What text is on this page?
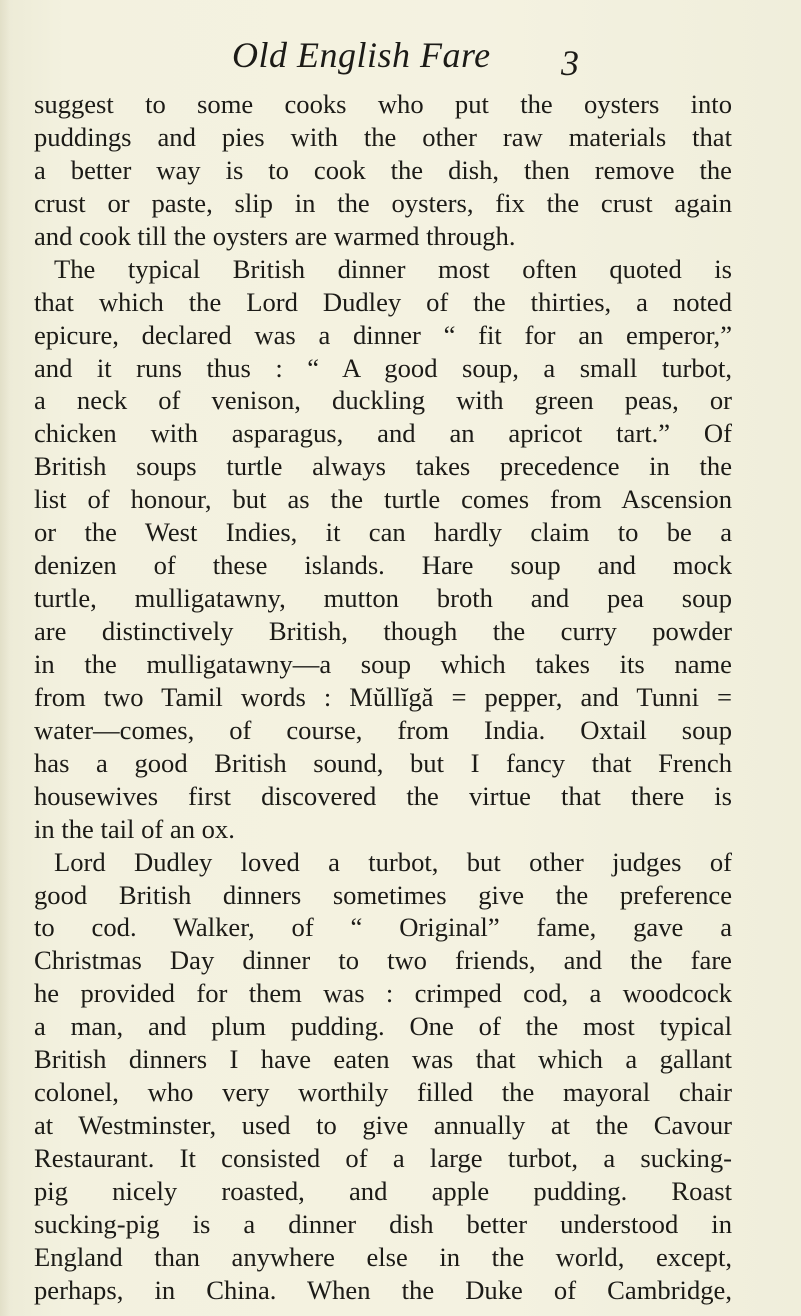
Old English Fare 3
suggest to some cooks who put the oysters into
puddings and pies with the other raw materials that
a better way is to cook the dish, then remove the
crust or paste, slip in the oysters, fix the crust again
and cook till the oysters are warmed through.
The typical British dinner most often quoted is
that which the Lord Dudley of the thirties, a noted
epicure, declared was a dinner “ fit for an emperor,”
and it runs thus : “ A good soup, a small turbot,
a neck of venison, duckling with green peas, or
chicken with asparagus, and an apricot tart.” Of
British soups turtle always takes precedence in the
list of honour, but as the turtle comes from Ascension
or the West Indies, it can hardly claim to be a
denizen of these islands. Hare soup and mock
turtle, mulligatawny, mutton broth and pea soup
are distinctively British, though the curry powder
in the mulligatawny—a soup which takes its name
from two Tamil words : Mŭllĭgă = pepper, and Tunni =
water—comes, of course, from India. Oxtail soup
has a good British sound, but I fancy that French
housewives first discovered the virtue that there is
in the tail of an ox.
Lord Dudley loved a turbot, but other judges of
good British dinners sometimes give the preference
to cod. Walker, of “ Original” fame, gave a
Christmas Day dinner to two friends, and the fare
he provided for them was : crimped cod, a woodcock
a man, and plum pudding. One of the most typical
British dinners I have eaten was that which a gallant
colonel, who very worthily filled the mayoral chair
at Westminster, used to give annually at the Cavour
Restaurant. It consisted of a large turbot, a sucking-
pig nicely roasted, and apple pudding. Roast
sucking-pig is a dinner dish better understood in
England than anywhere else in the world, except,
perhaps, in China. When the Duke of Cambridge,
